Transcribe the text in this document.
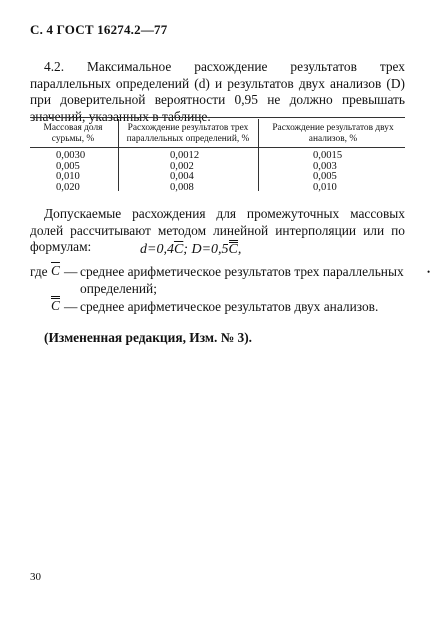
С. 4 ГОСТ 16274.2—77
4.2. Максимальное расхождение результатов трех параллельных определений (d) и результатов двух анализов (D) при доверительной вероятности 0,95 не должно превышать значений, указанных в таблице.
Массовая доля сурьмы, %
Расхождение результатов трех параллельных определений, %
Расхождение результатов двух анализов, %
0,0030
0,005
0,010
0,020
0,0012
0,002
0,004
0,008
0,0015
0,003
0,005
0,010
Допускаемые расхождения для промежуточных массовых долей рассчитывают методом линейной интерполяции или по формулам:	$d=0,4\overline{C}$; D=0,5C,
где $\overline{C}$ — среднее арифметическое результатов трех параллельных определений;
C — среднее арифметическое результатов двух анализов.
•
(Измененная редакция, Изм. № 3).
30
